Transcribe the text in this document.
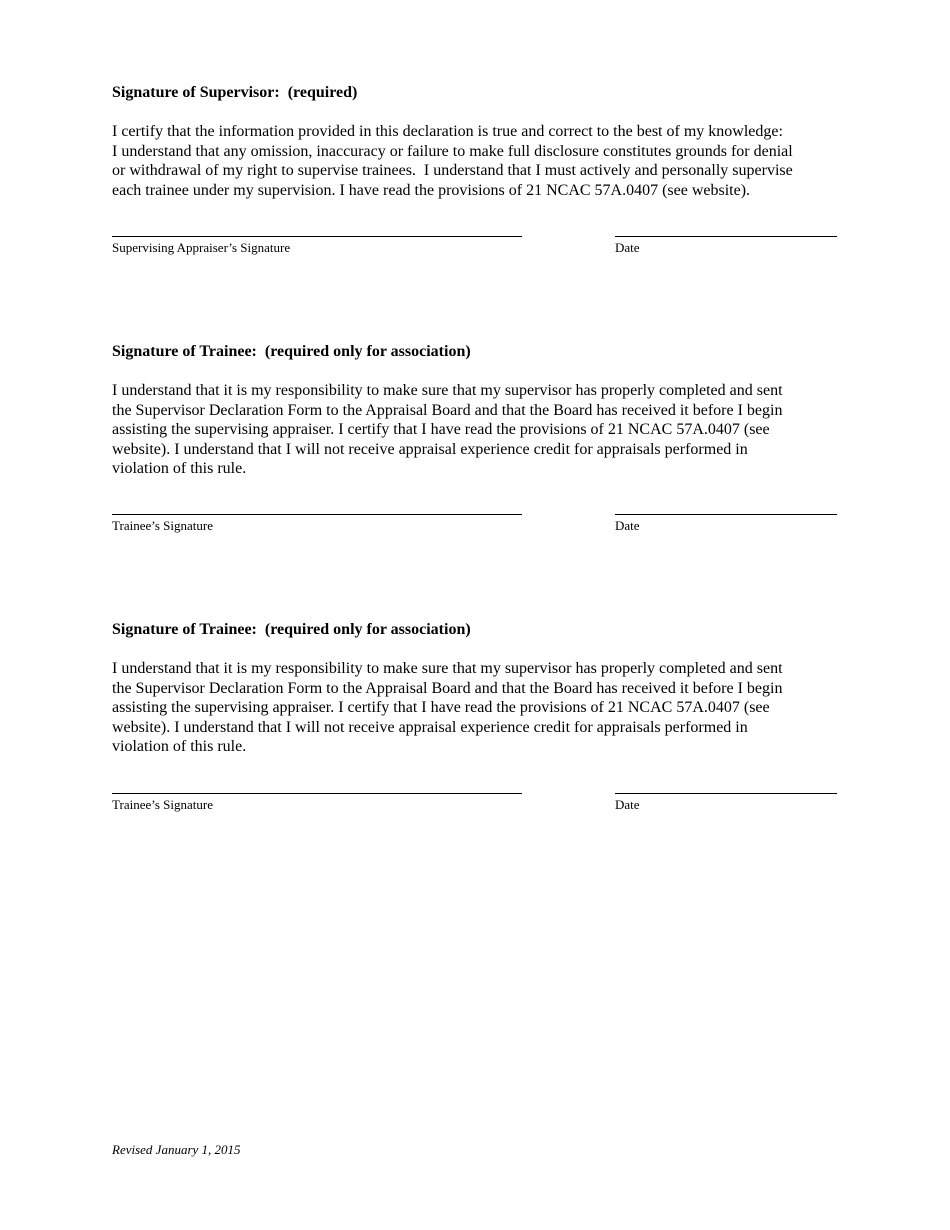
Signature of Supervisor:  (required)
I certify that the information provided in this declaration is true and correct to the best of my knowledge:
I understand that any omission, inaccuracy or failure to make full disclosure constitutes grounds for denial
or withdrawal of my right to supervise trainees.  I understand that I must actively and personally supervise
each trainee under my supervision. I have read the provisions of 21 NCAC 57A.0407 (see website).
Supervising Appraiser’s Signature	Date
Signature of Trainee:  (required only for association)
I understand that it is my responsibility to make sure that my supervisor has properly completed and sent
the Supervisor Declaration Form to the Appraisal Board and that the Board has received it before I begin
assisting the supervising appraiser. I certify that I have read the provisions of 21 NCAC 57A.0407 (see
website). I understand that I will not receive appraisal experience credit for appraisals performed in
violation of this rule.
Trainee’s Signature	Date
Signature of Trainee:  (required only for association)
I understand that it is my responsibility to make sure that my supervisor has properly completed and sent
the Supervisor Declaration Form to the Appraisal Board and that the Board has received it before I begin
assisting the supervising appraiser. I certify that I have read the provisions of 21 NCAC 57A.0407 (see
website). I understand that I will not receive appraisal experience credit for appraisals performed in
violation of this rule.
Trainee’s Signature	Date
Revised January 1, 2015
